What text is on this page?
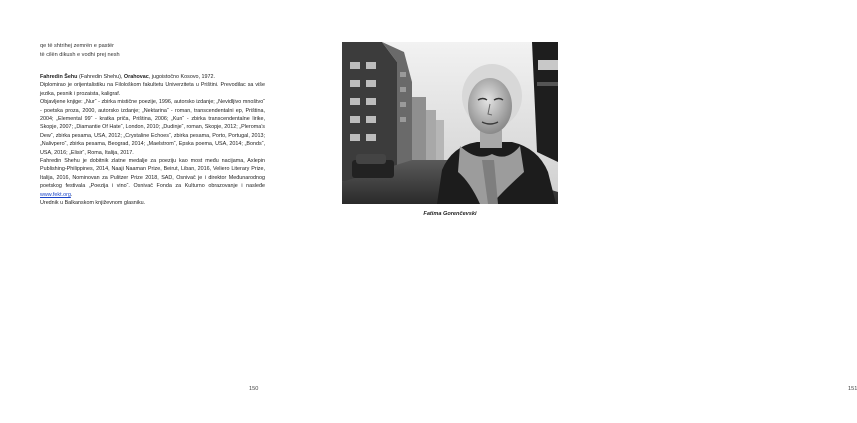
qe të shtrihej zemrën e pastër
të cilën dikush e vodhi prej nesh

Fahredin Šehu (Fahredin Shehu), Orahovac, jugoistočno Kosovo, 1972.

Diplomirao je orijentalistiku na Filološkom fakultetu Univerziteta u Prištini. Prevodilac sa više jezika, pesnik i prozaista, kaligraf.

Objavljene knjige: „Nur“ - zbirka mističnе poezije, 1996, autorsko izdanje; „Nevidljivo mnoštvo“ - poetska proza, 2000, autorsko izdanje; „Nektarina“ - roman, transcendentalni ep, Priština, 2004; „Elemental 99“ - kratka priča, Priština, 2006; „Kun“ - zbirka transcendentalne lirike, Skopje, 2007; „Diamantie Of Hate“, London, 2010; „Dudinje“, roman, Skopje, 2012; „Pleroma’s Dew“, zbirka pesama, USA, 2012; „Crystaline Echoes“, zbirka pesama, Porto, Portugal, 2013; „Nalivpero“, zbirka pesama, Beograd, 2014; „Maelstrom“, Epska poema, USA, 2014; „Bonds“, USA, 2016; „Elisir“, Roma, Italija, 2017.

Fahredin Shehu je dobitnik zlatne medalje za poeziju kao most među nacijama, Axlepin Publishing-Philippines, 2014, Naaji Naaman Prize, Beirut, Liban, 2016, Veliero Literary Prize, Italija, 2016, Nominovan za Pulitzer Prize 2018, SAD, Osnivač je i direktor Međunarodnog poetskog festivala „Poezija i vino“. Osnivač Fonda za Kulturno obrazovanje i nasleđe www.fekt.org.

Urednik u Balkanskom književnom glasniku.

150	151
Fatima Gorenčevski
